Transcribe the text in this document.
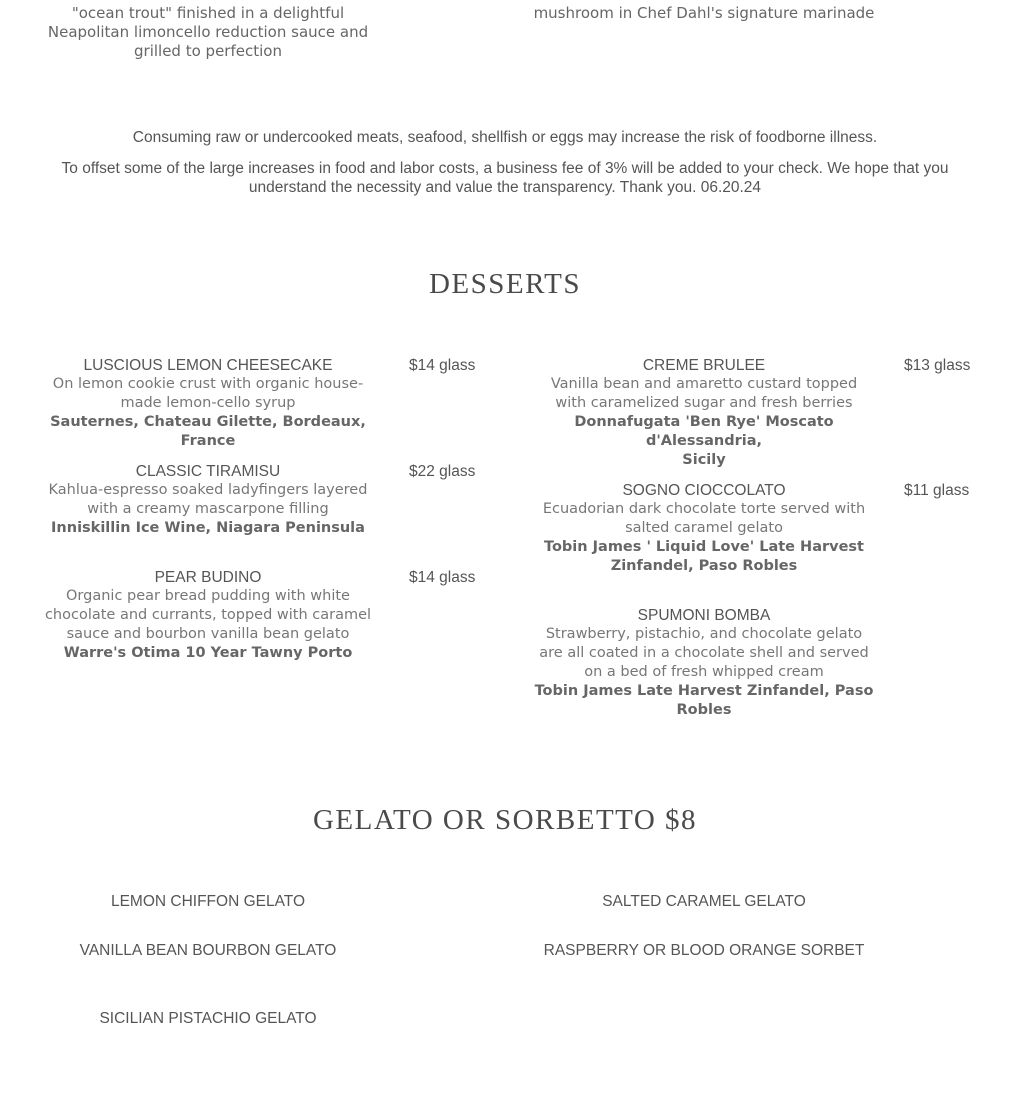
"ocean trout" finished in a delightful
Neapolitan limoncello reduction sauce and
grilled to perfection
mushroom in Chef Dahl's signature marinade
Consuming raw or undercooked meats, seafood, shellfish or eggs may increase the risk of foodborne illness.
To offset some of the large increases in food and labor costs, a business fee of 3% will be added to your check. We hope that you
understand the necessity and value the transparency. Thank you. 06.20.24
DESSERTS
LUSCIOUS LEMON CHEESECAKE
On lemon cookie crust with organic house-
made lemon-cello syrup
Sauternes, Chateau Gilette, Bordeaux, France
$14 glass
CLASSIC TIRAMISU
Kahlua-espresso soaked ladyfingers layered
with a creamy mascarpone filling
Inniskillin Ice Wine, Niagara Peninsula
$22 glass
PEAR BUDINO
Organic pear bread pudding with white
chocolate and currants, topped with caramel
sauce and bourbon vanilla bean gelato
Warre's Otima 10 Year Tawny Porto
$14 glass
CREME BRULEE
Vanilla bean and amaretto custard topped
with caramelized sugar and fresh berries
Donnafugata 'Ben Rye' Moscato d'Alessandria,
Sicily
$13 glass
SOGNO CIOCCOLATO
Ecuadorian dark chocolate torte served with
salted caramel gelato
Tobin James ' Liquid Love' Late Harvest
Zinfandel, Paso Robles
$11 glass
SPUMONI BOMBA
Strawberry, pistachio, and chocolate gelato
are all coated in a chocolate shell and served
on a bed of fresh whipped cream
Tobin James Late Harvest Zinfandel, Paso
Robles
GELATO OR SORBETTO $8
LEMON CHIFFON GELATO	SALTED CARAMEL GELATO
VANILLA BEAN BOURBON GELATO	RASPBERRY OR BLOOD ORANGE SORBET
SICILIAN PISTACHIO GELATO
